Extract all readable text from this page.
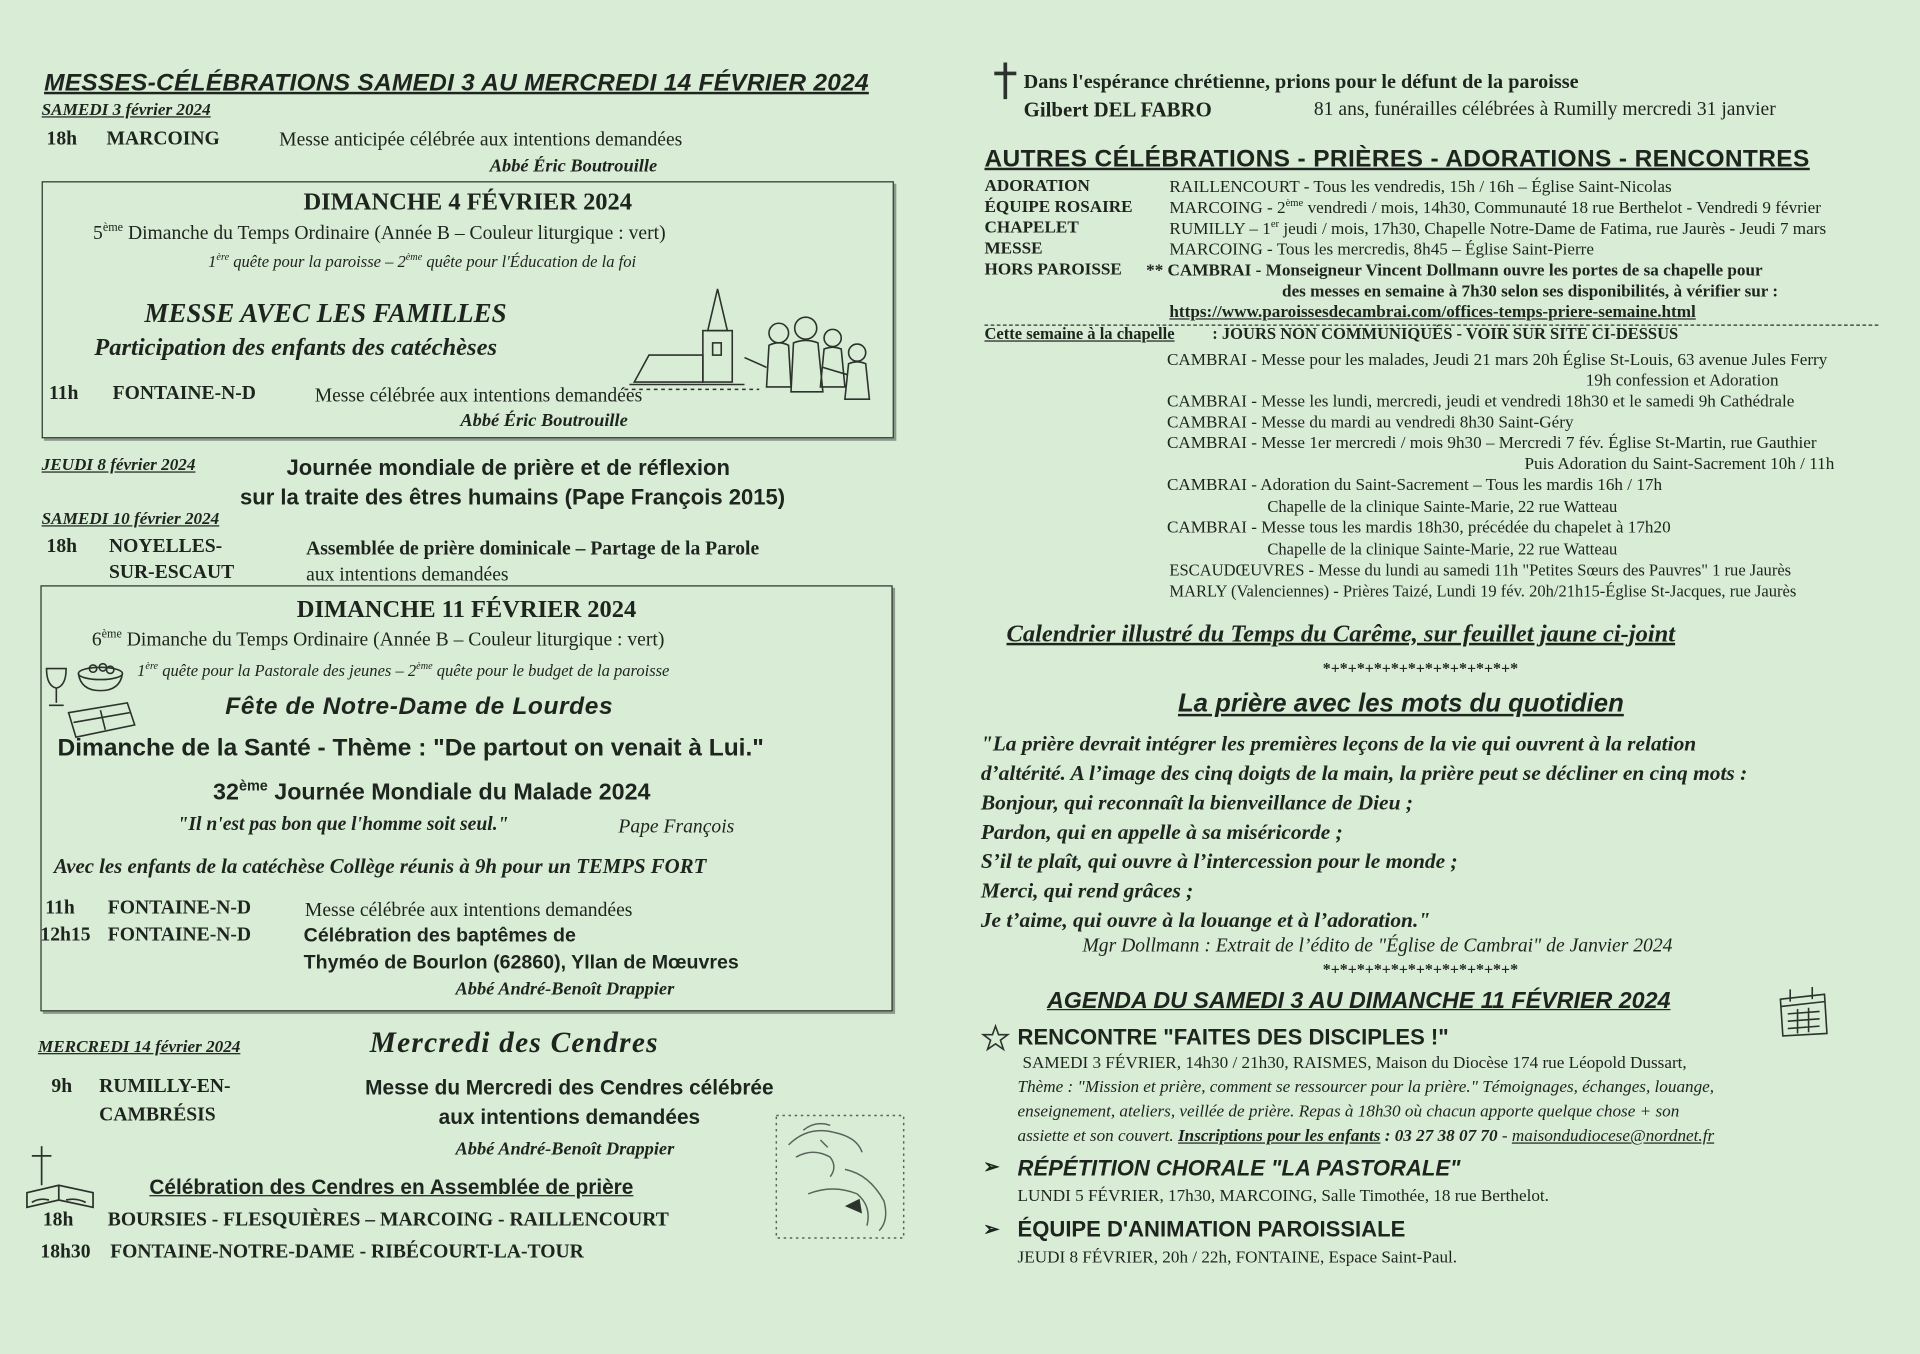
MESSES-CÉLÉBRATIONS SAMEDI 3 AU MERCREDI 14 FÉVRIER 2024
SAMEDI 3 février 2024
18h MARCOING	Messe anticipée célébrée aux intentions demandées
Abbé Éric Boutrouille
DIMANCHE 4 FÉVRIER 2024
5ème Dimanche du Temps Ordinaire (Année B – Couleur liturgique : vert)
1ère quête pour la paroisse – 2ème quête pour l'Éducation de la foi
MESSE AVEC LES FAMILLES
Participation des enfants des catéchèses
11h FONTAINE-N-D	Messe célébrée aux intentions demandées
Abbé Éric Boutrouille
JEUDI 8 février 2024	Journée mondiale de prière et de réflexion
sur la traite des êtres humains (Pape François 2015)
SAMEDI 10 février 2024
18h NOYELLES-
SUR-ESCAUT
Assemblée de prière dominicale – Partage de la Parole
aux intentions demandées
DIMANCHE 11 FÉVRIER 2024
6ème Dimanche du Temps Ordinaire (Année B – Couleur liturgique : vert)
1ère quête pour la Pastorale des jeunes – 2ème quête pour le budget de la paroisse
Fête de Notre-Dame de Lourdes
Dimanche de la Santé - Thème : "De partout on venait à Lui."
32ème Journée Mondiale du Malade 2024
"Il n'est pas bon que l'homme soit seul."	Pape François
Avec les enfants de la catéchèse Collège réunis à 9h pour un TEMPS FORT
11h FONTAINE-N-D	Messe célébrée aux intentions demandées
12h15 FONTAINE-N-D	Célébration des baptêmes de
Thyméo de Bourlon (62860), Yllan de Mœuvres
Abbé André-Benoît Drappier
MERCREDI 14 février 2024	Mercredi des Cendres
9h RUMILLY-EN-
CAMBRÉSIS
Messe du Mercredi des Cendres célébrée
aux intentions demandées
Abbé André-Benoît Drappier
Célébration des Cendres en Assemblée de prière
18h BOURSIES - FLESQUIÈRES – MARCOING - RAILLENCOURT
18h30 FONTAINE-NOTRE-DAME - RIBÉCOURT-LA-TOUR
Dans l'espérance chrétienne, prions pour le défunt de la paroisse
Gilbert DEL FABRO	81 ans, funérailles célébrées à Rumilly mercredi 31 janvier
AUTRES CÉLÉBRATIONS - PRIÈRES - ADORATIONS - RENCONTRES
ADORATION	RAILLENCOURT - Tous les vendredis, 15h / 16h – Église Saint-Nicolas
ÉQUIPE ROSAIRE	MARCOING - 2ème vendredi / mois, 14h30, Communauté 18 rue Berthelot - Vendredi 9 février
CHAPELET	RUMILLY – 1er jeudi / mois, 17h30, Chapelle Notre-Dame de Fatima, rue Jaurès - Jeudi 7 mars
MESSE	MARCOING - Tous les mercredis, 8h45 – Église Saint-Pierre
HORS PAROISSE ** CAMBRAI - Monseigneur Vincent Dollmann ouvre les portes de sa chapelle pour
des messes en semaine à 7h30 selon ses disponibilités, à vérifier sur :
https://www.paroissesdecambrai.com/offices-temps-priere-semaine.html
Cette semaine à la chapelle	: JOURS NON COMMUNIQUÉS - VOIR SUR SITE CI-DESSUS
CAMBRAI - Messe pour les malades, Jeudi 21 mars 20h Église St-Louis, 63 avenue Jules Ferry
19h confession et Adoration
CAMBRAI - Messe les lundi, mercredi, jeudi et vendredi 18h30 et le samedi 9h Cathédrale
CAMBRAI - Messe du mardi au vendredi 8h30 Saint-Géry
CAMBRAI - Messe 1er mercredi / mois 9h30 – Mercredi 7 fév. Église St-Martin, rue Gauthier
Puis Adoration du Saint-Sacrement 10h / 11h
CAMBRAI - Adoration du Saint-Sacrement – Tous les mardis 16h / 17h
Chapelle de la clinique Sainte-Marie, 22 rue Watteau
CAMBRAI - Messe tous les mardis 18h30, précédée du chapelet à 17h20
Chapelle de la clinique Sainte-Marie, 22 rue Watteau
ESCAUDŒUVRES - Messe du lundi au samedi 11h "Petites Sœurs des Pauvres" 1 rue Jaurès
MARLY (Valenciennes) - Prières Taizé, Lundi 19 fév. 20h/21h15-Église St-Jacques, rue Jaurès
Calendrier illustré du Temps du Carême, sur feuillet jaune ci-joint
*+*+*+*+*+*+*+*+*+*+*+*
La prière avec les mots du quotidien
"La prière devrait intégrer les premières leçons de la vie qui ouvrent à la relation
d’altérité. A l’image des cinq doigts de la main, la prière peut se décliner en cinq mots :
Bonjour, qui reconnaît la bienveillance de Dieu ;
Pardon, qui en appelle à sa miséricorde ;
S’il te plaît, qui ouvre à l’intercession pour le monde ;
Merci, qui rend grâces ;
Je t’aime, qui ouvre à la louange et à l’adoration."
Mgr Dollmann : Extrait de l’édito de "Église de Cambrai" de Janvier 2024
*+*+*+*+*+*+*+*+*+*+*+*
AGENDA DU SAMEDI 3 AU DIMANCHE 11 FÉVRIER 2024
RENCONTRE "FAITES DES DISCIPLES !"
SAMEDI 3 FÉVRIER, 14h30 / 21h30, RAISMES, Maison du Diocèse 174 rue Léopold Dussart,
Thème : "Mission et prière, comment se ressourcer pour la prière." Témoignages, échanges, louange,
enseignement, ateliers, veillée de prière. Repas à 18h30 où chacun apporte quelque chose + son
assiette et son couvert. Inscriptions pour les enfants : 03 27 38 07 70 - maisondudiocese@nordnet.fr
➢ RÉPÉTITION CHORALE "LA PASTORALE"
LUNDI 5 FÉVRIER, 17h30, MARCOING, Salle Timothée, 18 rue Berthelot.
➢ ÉQUIPE D'ANIMATION PAROISSIALE
JEUDI 8 FÉVRIER, 20h / 22h, FONTAINE, Espace Saint-Paul.
